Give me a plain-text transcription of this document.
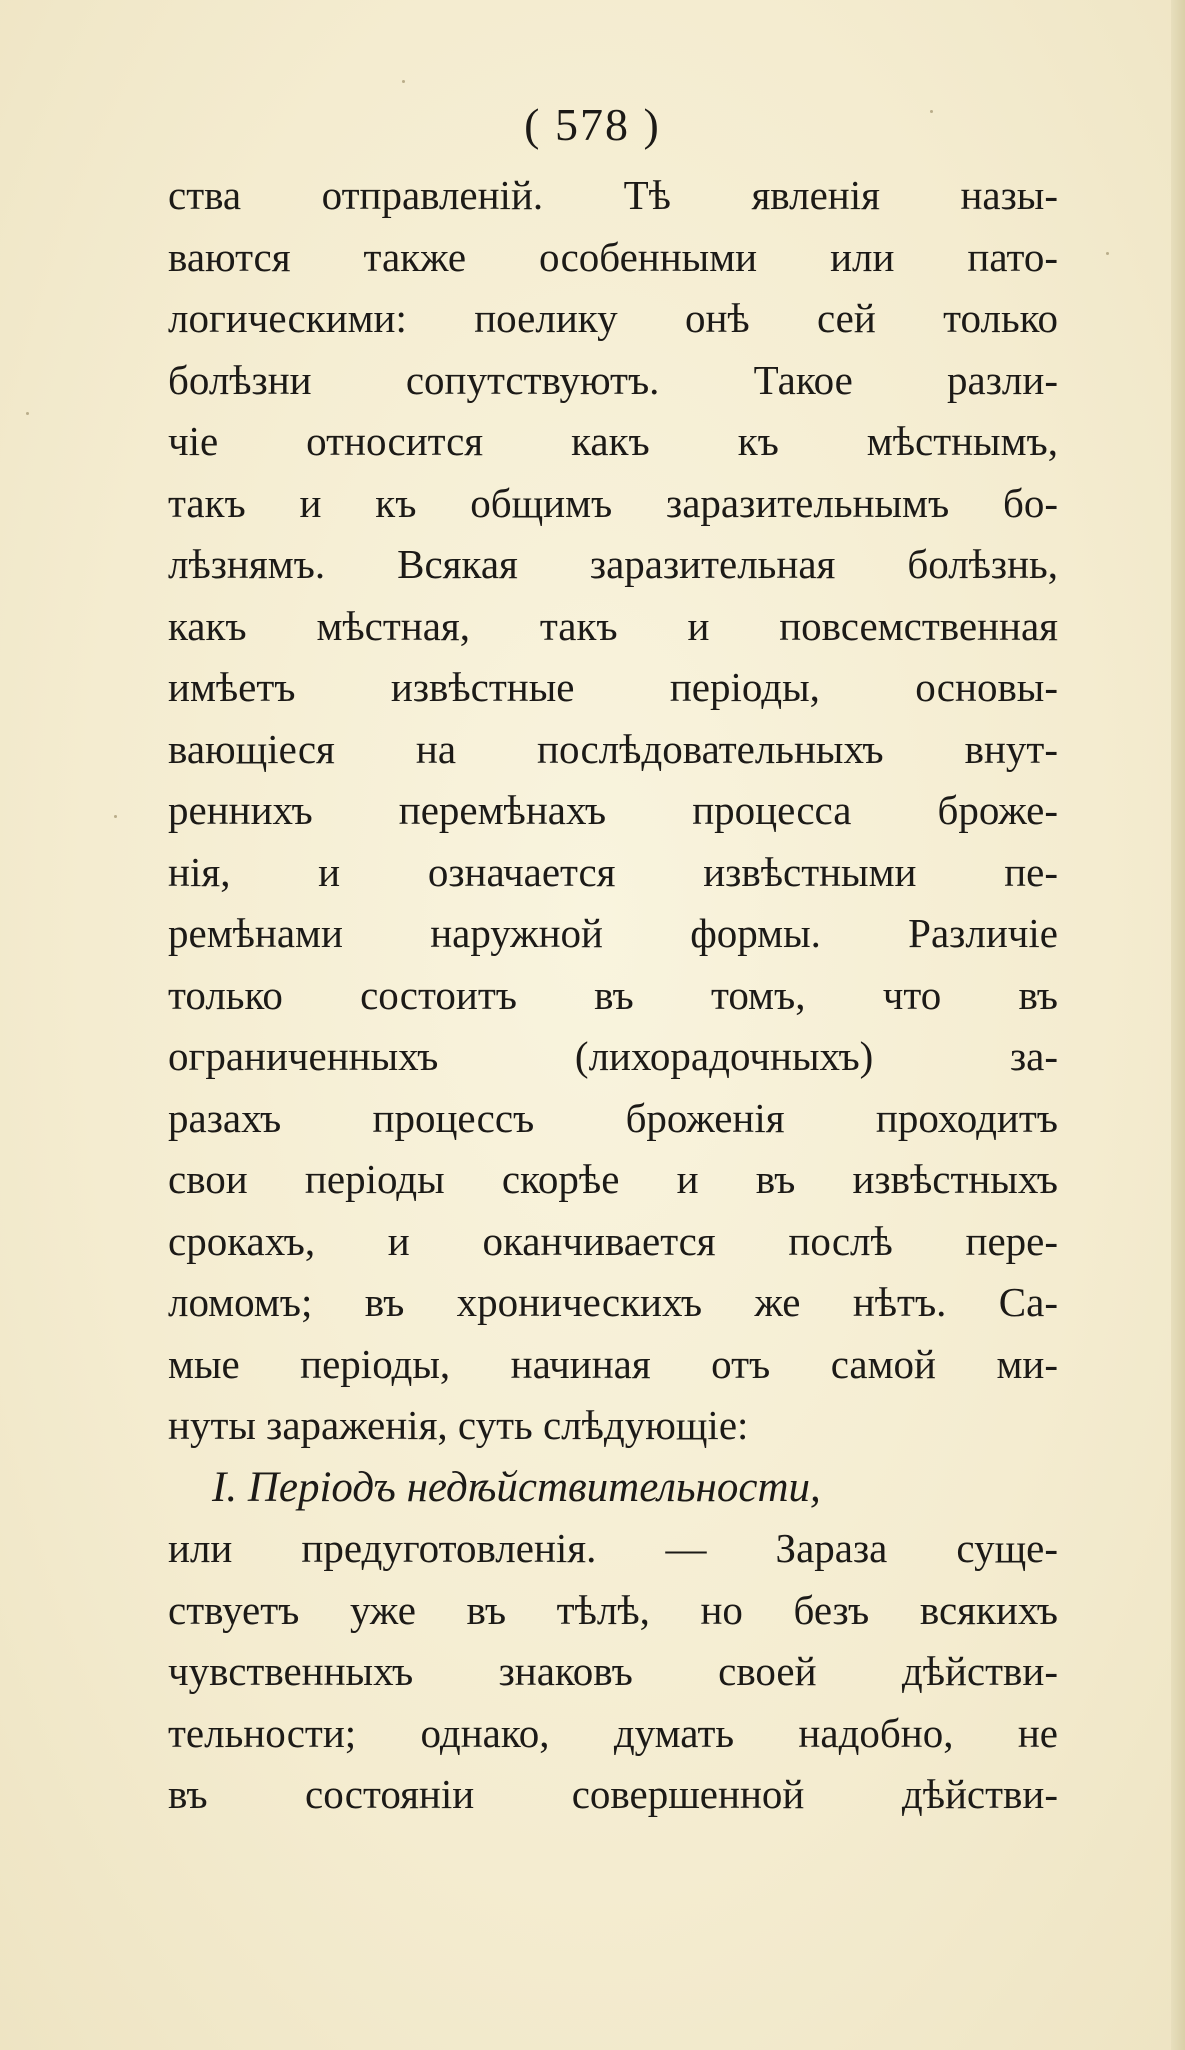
( 578 )
ства отправленій. Тѣ явленія назы-
ваются также особенными или пато-
логическими: поелику онѣ сей только
болѣзни сопутствуютъ. Такое разли-
чіе относится какъ къ мѣстнымъ,
такъ и къ общимъ заразительнымъ бо-
лѣзнямъ. Всякая заразительная болѣзнь,
какъ мѣстная, такъ и повсемственная
имѣетъ извѣстные періоды, основы-
вающіеся на послѣдовательныхъ внут-
реннихъ перемѣнахъ процесса броже-
нія, и означается извѣстными пе-
ремѣнами наружной формы. Различіе
только состоитъ въ томъ, что въ
ограниченныхъ (лихорадочныхъ) за-
разахъ процессъ броженія проходитъ
свои періоды скорѣе и въ извѣстныхъ
срокахъ, и оканчивается послѣ пере-
ломомъ; въ хроническихъ же нѣтъ. Са-
мые періоды, начиная отъ самой ми-
нуты зараженія, суть слѣдующіе:
I. Періодъ недѣйствительности,
или предуготовленія. — Зараза суще-
ствуетъ уже въ тѣлѣ, но безъ всякихъ
чувственныхъ знаковъ своей дѣйстви-
тельности; однако, думать надобно, не
въ состояніи совершенной дѣйстви-
